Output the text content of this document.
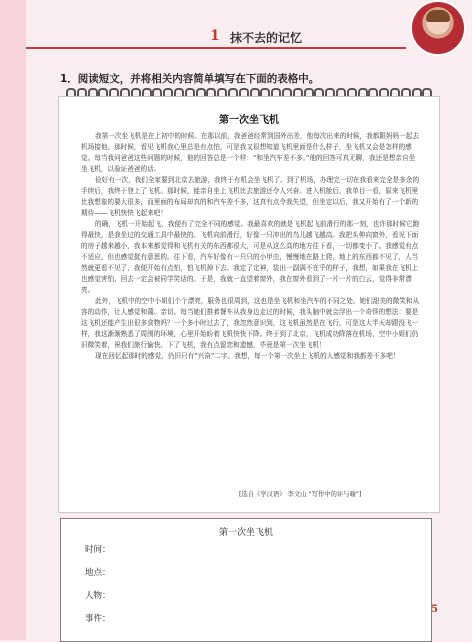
1 抹不去的记忆
1．阅读短文，并将相关内容简单填写在下面的表格中。
第一次坐飞机

我第一次坐飞机是在上初中的时候。在那以前，我爸爸经常到国外出差，他每次出来的时候，我都跟妈妈一起去机场接他。那时候，看见飞机我心里总是有点怕，可是我又很想知道飞机里面是什么样子，坐飞机又会是怎样的感觉。每当我问爸爸这些问题的时候，他的回答总是一个样：“和坐汽车差不多。”他的回答可真无聊，我还是想亲自坐坐飞机，以验证爸爸的话。

俭好有一次，我们全家要到北京去旅游，我终于有机会坐飞机了。到了机场，办理完一切在我看来完全是多余的手续后，我终于登上了飞机。那时候，能亲自坐上飞机比去旅游还令人兴奋。进入机舱后，我单目一看，原来飞机里比我想象的要大很多，而里面的布局却真的和汽车差不多，这真有点令我失望，但坐定以后，我又开始有了一个新的期待——飞机快快飞起来吧！

的确，飞机一开始起飞，我便有了完全不同的感觉。我最喜欢的就是飞机起飞前滑行的那一刻，也许那时候它跑得最快，是我坐过的交通工具中最快的。飞机向前滑行，好像一只冲出的鸟儿越飞越高。我把头伸向窗外，看见下面的房子越来越小，我本来都觉得和飞机有关的东西都很大，可是从这么高的地方往下看，一切都变小了。我感觉有点不适应，但也感觉挺有意思的。往下看，汽车好像有一只只的小甲虫，慢慢地在路上爬，地上的东西都不见了，人当然就更看不见了，我便开始有点怕，怕飞机掉下去。我定了定神，装出一副满不在乎的样子，我想，如果我在飞机上也感觉害怕，回去一定会被同学笑话的。于是，我就一直望着窗外，我在窗外看到了一片一片的白云，觉得非常漂亮。

此外，飞机中的空中小姐们个个漂亮，服务也很周到，这也是坐飞机和坐汽车的不同之处。她们甜美的微笑和从容的动作，让人感觉和蔼、亲切。每当她们推着餐车从我身边走过的时候，我头脑中就会浮出一个奇怪的想法：要是这飞机还能产生出很多食物吗？一个多小时过去了，我忽然意识到，这飞机虽然是在飞行，可是这大半天却跟没飞一样，我这渐渐熟悉了周围的环境，心里开始盼着飞机快快下降。终于到了北京，飞机成功降落在机场，空中小姐们仍旧微笑着，祝我们旅行愉快。下了飞机，我有点留恋和遗憾，毕竟是第一次坐飞机！

现在回忆起那时的感觉，仍旧只有“兴奋”二字。我想，每一个第一次坐上飞机的人感觉和我都差不多吧！

[选自《学汉语》 李文山 “写作中的评与喻”]
第一次坐飞机
时间：
地点：
人物：
事件：
5
